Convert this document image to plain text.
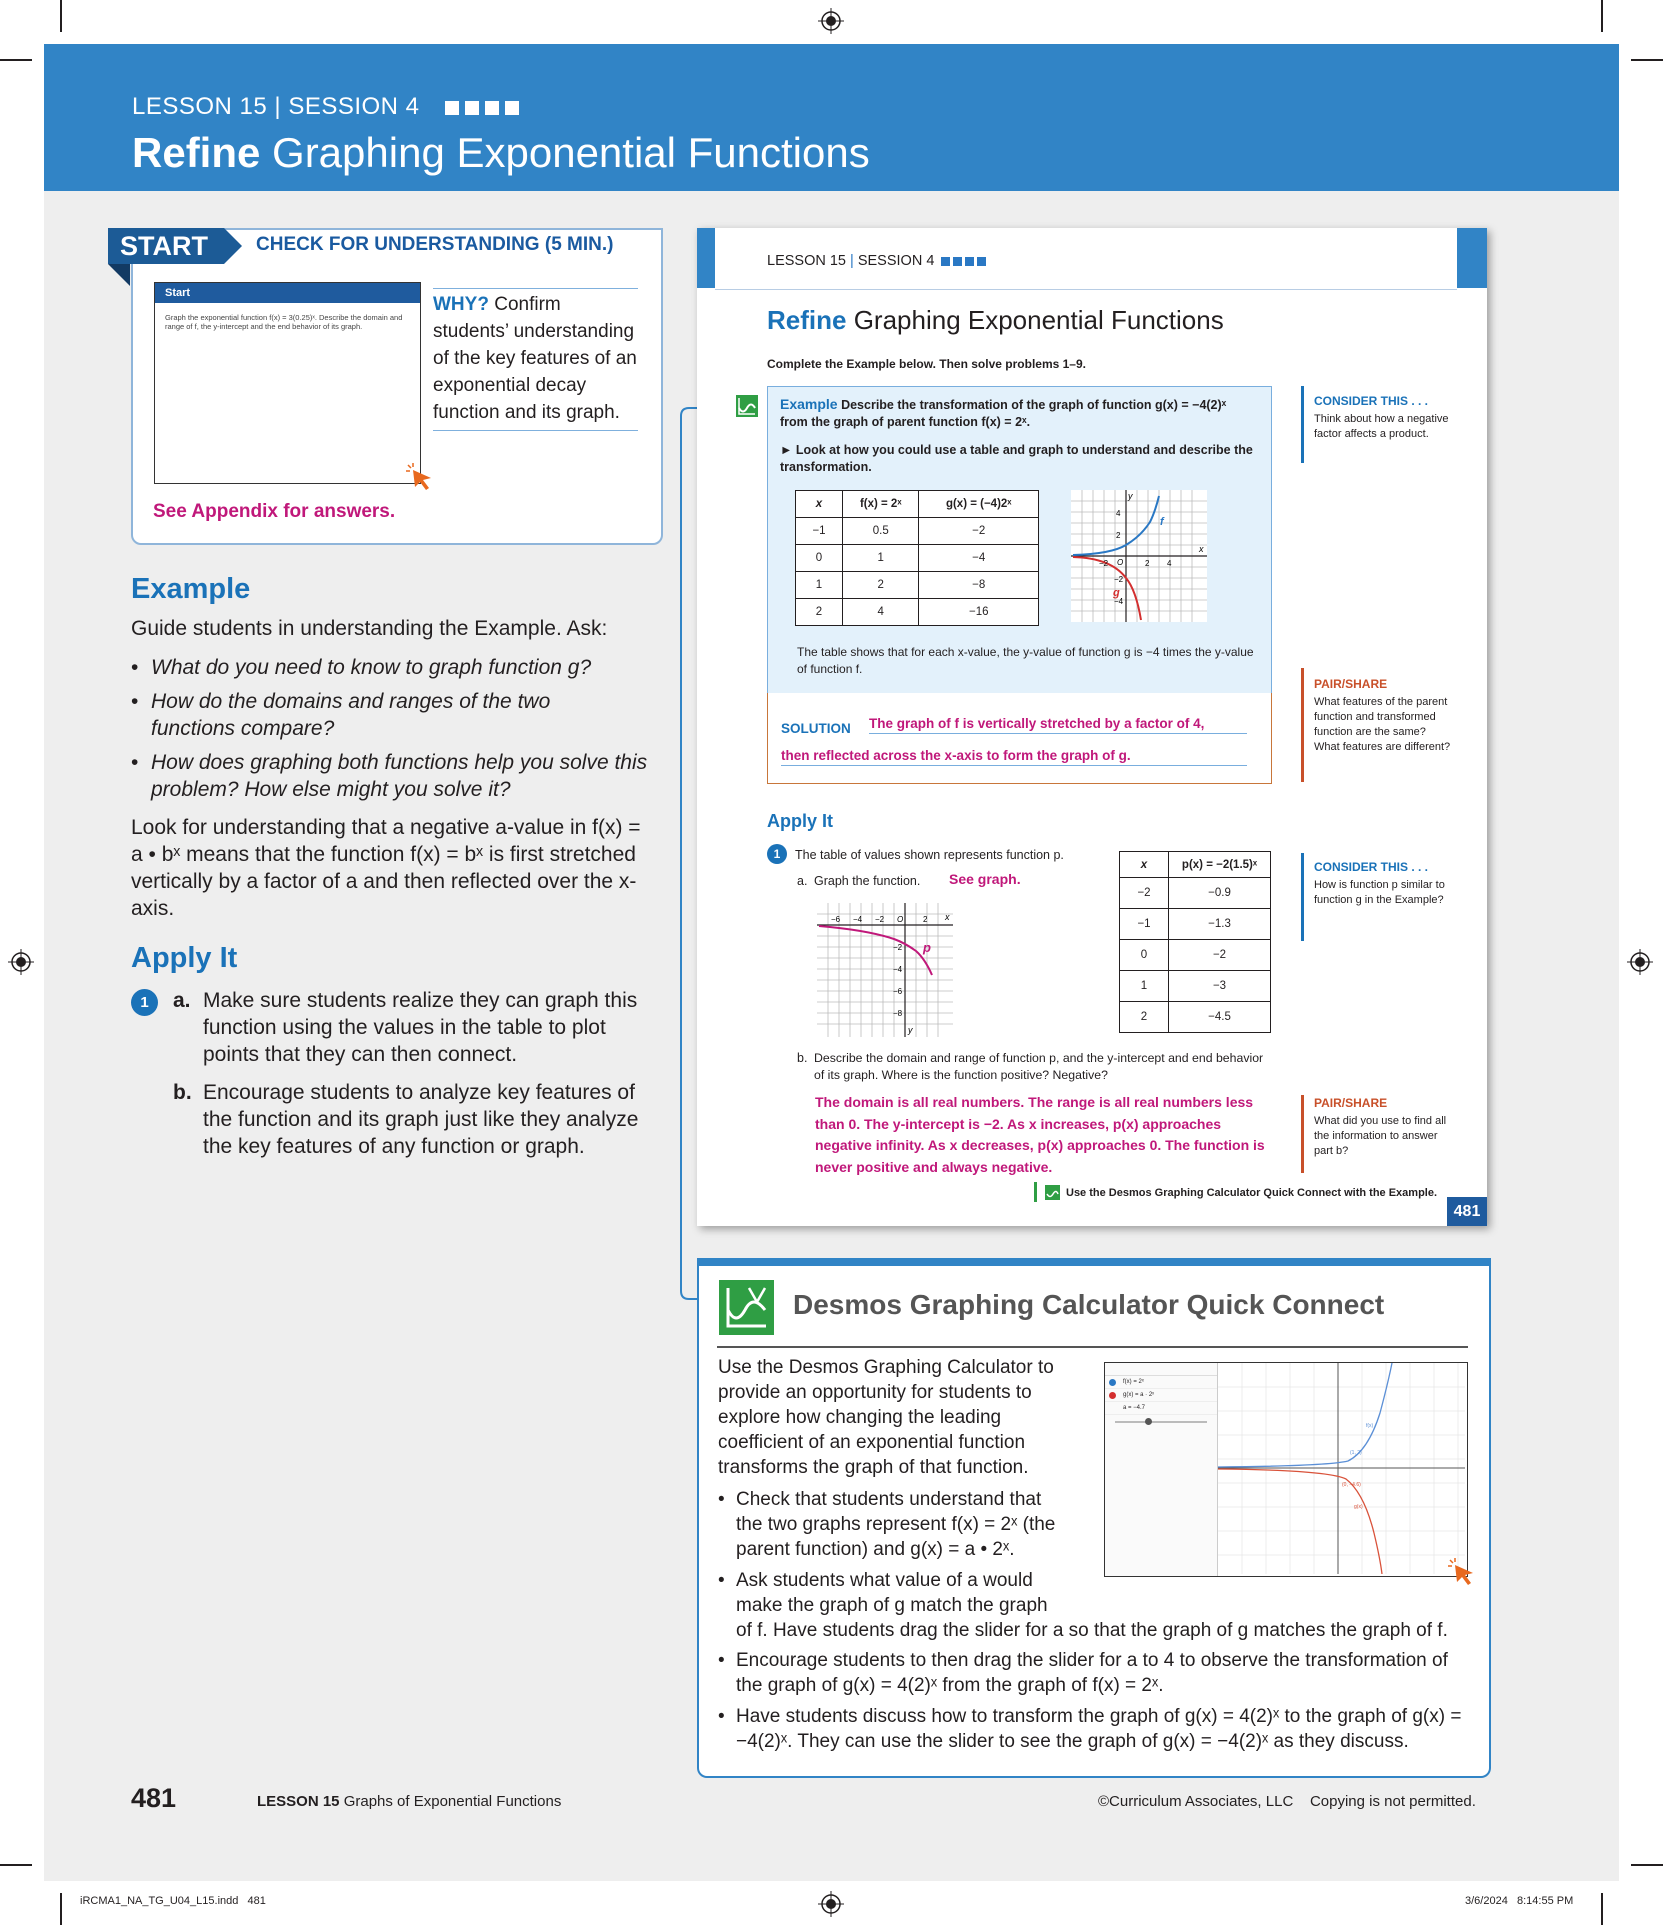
LESSON 15 | SESSION 4
Refine Graphing Exponential Functions
START	CHECK FOR UNDERSTANDING (5 MIN.)
Start
Graph the exponential function f(x) = 3(0.25)ˣ. Describe the domain and range of f, the y-intercept and the end behavior of its graph.
WHY? Confirm students’ understanding of the key features of an exponential decay function and its graph.
See Appendix for answers.
Example
Guide students in understanding the Example. Ask:
• What do you need to know to graph function g?
• How do the domains and ranges of the two functions compare?
• How does graphing both functions help you solve this problem? How else might you solve it?
Look for understanding that a negative a-value in f(x) = a • bˣ means that the function f(x) = bˣ is first stretched vertically by a factor of a and then reflected over the x-axis.
Apply It
1	a. Make sure students realize they can graph this function using the values in the table to plot points that they can then connect.
b. Encourage students to analyze key features of the function and its graph just like they analyze the key features of any function or graph.
LESSON 15 | SESSION 4
Refine Graphing Exponential Functions
Complete the Example below. Then solve problems 1–9.
Example Describe the transformation of the graph of function g(x) = −4(2)ˣ from the graph of parent function f(x) = 2ˣ.
► Look at how you could use a table and graph to understand and describe the transformation.
x	f(x) = 2ˣ	g(x) = (−4)2ˣ
−1	0.5	−2
0	1	−4
1	2	−8
2	4	−16
y
x
O
f
g
−2	2 4
4
2
−2
−4
The table shows that for each x-value, the y-value of function g is −4 times the y-value of function f.
SOLUTION The graph of f is vertically stretched by a factor of 4,
then reflected across the x-axis to form the graph of g.
CONSIDER THIS . . .
Think about how a negative factor affects a product.
PAIR/SHARE
What features of the parent function and transformed function are the same? What features are different?
Apply It
1	The table of values shown represents function p.
a. Graph the function. See graph.
x
y
O
p
−6 −4 −2	2
−2
−4
−6
−8
x	p(x) = −2(1.5)ˣ
−2	−0.9
−1	−1.3
0	−2
1	−3
2	−4.5
CONSIDER THIS . . .
How is function p similar to function g in the Example?
b. Describe the domain and range of function p, and the y-intercept and end behavior of its graph. Where is the function positive? Negative?
The domain is all real numbers. The range is all real numbers less than 0. The y-intercept is −2. As x increases, p(x) approaches negative infinity. As x decreases, p(x) approaches 0. The function is never positive and always negative.
PAIR/SHARE
What did you use to find all the information to answer part b?
Use the Desmos Graphing Calculator Quick Connect with the Example.
481
Desmos Graphing Calculator Quick Connect
Use the Desmos Graphing Calculator to provide an opportunity for students to explore how changing the leading coefficient of an exponential function transforms the graph of that function.
• Check that students understand that the two graphs represent f(x) = 2ˣ (the parent function) and g(x) = a • 2ˣ.
• Ask students what value of a would make the graph of g match the graph
of f. Have students drag the slider for a so that the graph of g matches the graph of f.
• Encourage students to then drag the slider for a to 4 to observe the transformation of the graph of g(x) = 4(2)ˣ from the graph of f(x) = 2ˣ.
• Have students discuss how to transform the graph of g(x) = 4(2)ˣ to the graph of g(x) = −4(2)ˣ. They can use the slider to see the graph of g(x) = −4(2)ˣ as they discuss.
f(x) = 2ˣ
g(x) = a · 2ˣ
a = −4.7
f(x)
(1, 2)
(0, −4.6)
g(x)
481	LESSON 15 Graphs of Exponential Functions	©Curriculum Associates, LLC    Copying is not permitted.
iRCMA1_NA_TG_U04_L15.indd   481	3/6/2024   8:14:55 PM
